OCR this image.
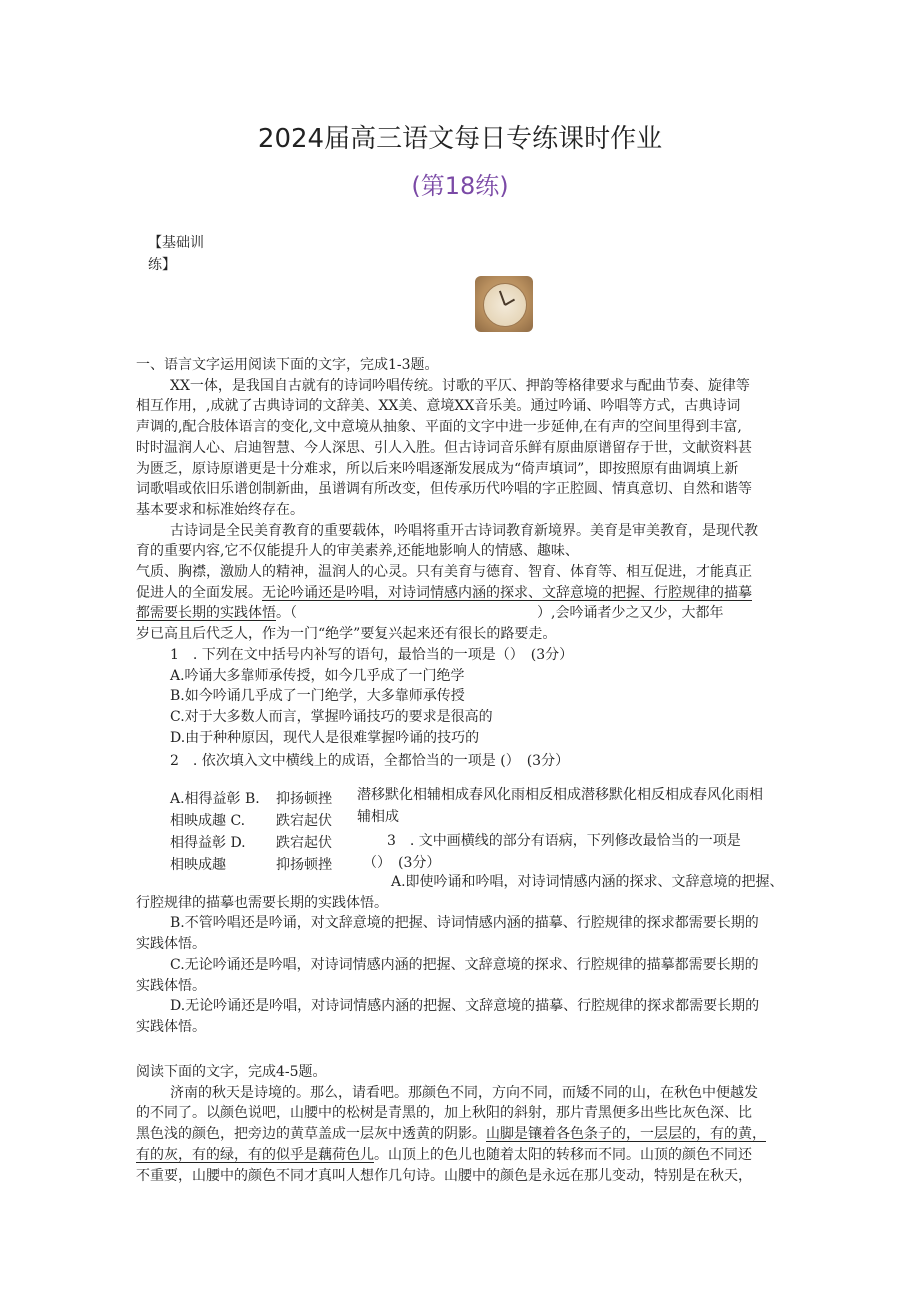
2024届高三语文每日专练课时作业
(第18练)
【基础训
练】

一、语言文字运用阅读下面的文字，完成1-3题。

XX一体，是我国自古就有的诗词吟唱传统。讨歌的平仄、押韵等格律要求与配曲节奏、旋律等

相互作用，,成就了古典诗词的文辞美、XX美、意境XX音乐美。通过吟诵、吟唱等方式，古典诗词

声调的,配合肢体语言的变化,文中意境从抽象、平面的文字中进一步延伸,在有声的空间里得到丰富,

时时温润人心、启迪智慧、今人深思、引人入胜。但古诗词音乐鲜有原曲原谱留存于世，文献资料甚

为匮乏，原诗原谱更是十分难求，所以后来吟唱逐渐发展成为“倚声填词”，即按照原有曲调填上新

词歌唱或依旧乐谱创制新曲，虽谱调有所改变，但传承历代吟唱的字正腔圆、情真意切、自然和谐等

基本要求和标准始终存在。

古诗词是全民美育教育的重要载体，吟唱将重开古诗词教育新境界。美育是审美教育，是现代教

育的重要内容,它不仅能提升人的审美素养,还能地影响人的情感、趣味、

气质、胸襟，激励人的精神，温润人的心灵。只有美育与德育、智育、体育等、相互促进，才能真正

促进人的全面发展。无论吟诵还是吟唱，对诗词情感内涵的探求、文辞意境的把握、行腔规律的描摹

都需要长期的实践体悟。（	）,会吟诵者少之又少，大都年

岁已高且后代乏人，作为一门“绝学”要复兴起来还有很长的路要走。

1　. 下列在文中括号内补写的语句，最恰当的一项是（）　(3分）

A.吟诵大多靠师承传授，如今几乎成了一门绝学

B.如今吟诵几乎成了一门绝学，大多靠师承传授

C.对于大多数人而言，掌握吟诵技巧的要求是很高的

D.由于种种原因，现代人是很难掌握吟诵的技巧的

2　. 依次填入文中横线上的成语，全都恰当的一项是 (）　(3分）

A.相得益彰 B.
相映成趣 C.
相得益彰 D.
相映成趣
抑扬顿挫
跌宕起伏
跌宕起伏
抑扬顿挫
潜移默化相辅相成春风化雨相反相成潜移默化相反相成春风化雨相
辅相成
3　. 文中画横线的部分有语病，下列修改最恰当的一项是
（）　(3分）

A.即使吟诵和吟唱，对诗词情感内涵的探求、文辞意境的把握、

行腔规律的描摹也需要长期的实践体悟。

B.不管吟唱还是吟诵，对文辞意境的把握、诗词情感内涵的描摹、行腔规律的探求都需要长期的

实践体悟。

C.无论吟诵还是吟唱，对诗词情感内涵的把握、文辞意境的探求、行腔规律的描摹都需要长期的

实践体悟。

D.无论吟诵还是吟唱，对诗词情感内涵的把握、文辞意境的描摹、行腔规律的探求都需要长期的

实践体悟。

阅读下面的文字，完成4-5题。

济南的秋天是诗境的。那么，请看吧。那颜色不同，方向不同，而矮不同的山，在秋色中便越发

的不同了。以颜色说吧，山腰中的松树是青黑的，加上秋阳的斜射，那片青黑便多出些比灰色深、比

黑色浅的颜色，把旁边的黄草盖成一层灰中透黄的阴影。山脚是镶着各色条子的，一层层的，有的黄，

有的灰，有的绿，有的似乎是藕荷色儿。山顶上的色儿也随着太阳的转移而不同。山顶的颜色不同还

不重要，山腰中的颜色不同才真叫人想作几句诗。山腰中的颜色是永远在那儿变动，特别是在秋天，
